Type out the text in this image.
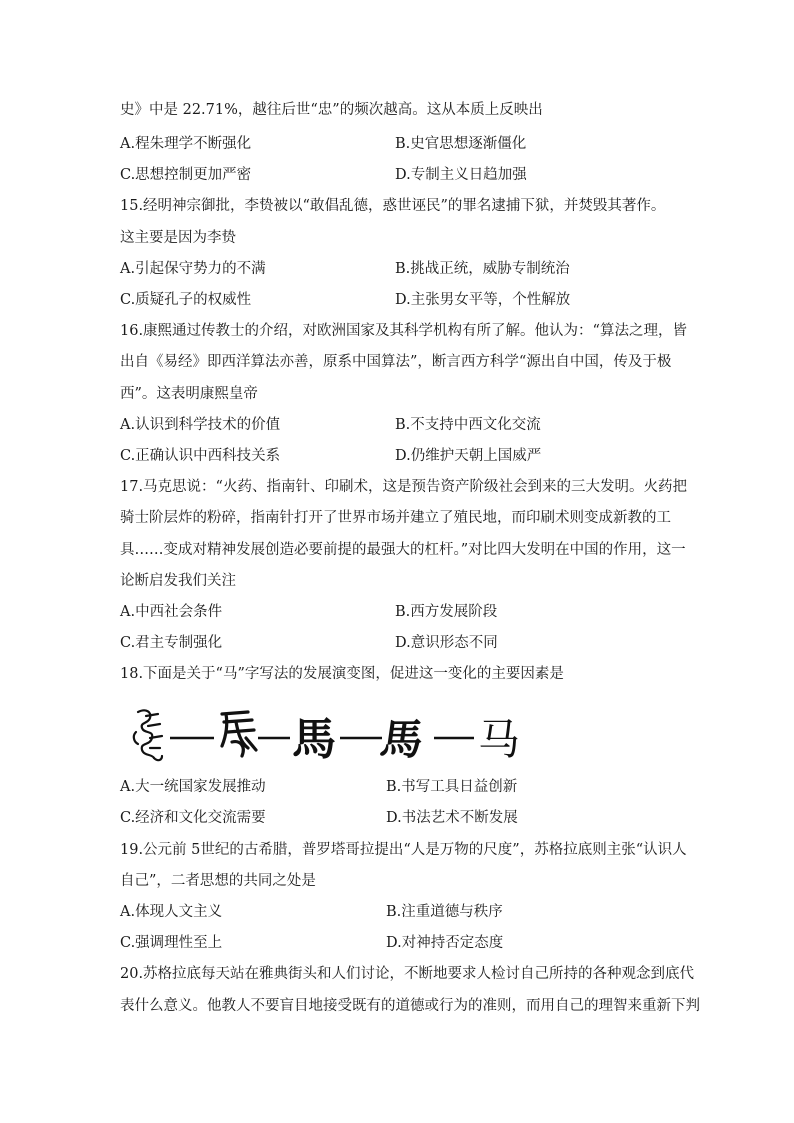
史》中是 22.71%，越往后世“忠”的频次越高。这从本质上反映出
A.程朱理学不断强化	B.史官思想逐渐僵化
C.思想控制更加严密	D.专制主义日趋加强
15.经明神宗御批，李贽被以“敢倡乱德，惑世诬民”的罪名逮捕下狱，并焚毁其著作。
这主要是因为李贽
A.引起保守势力的不满	B.挑战正统，威胁专制统治
C.质疑孔子的权威性	D.主张男女平等，个性解放
16.康熙通过传教士的介绍，对欧洲国家及其科学机构有所了解。他认为：“算法之理，皆
出自《易经》即西洋算法亦善，原系中国算法”，断言西方科学“源出自中国，传及于极
西”。这表明康熙皇帝
A.认识到科学技术的价值	B.不支持中西文化交流
C.正确认识中西科技关系	D.仍维护天朝上国威严
17.马克思说：“火药、指南针、印刷术，这是预告资产阶级社会到来的三大发明。火药把
骑士阶层炸的粉碎，指南针打开了世界市场并建立了殖民地，而印刷术则变成新教的工
具……变成对精神发展创造必要前提的最强大的杠杆。”对比四大发明在中国的作用，这一
论断启发我们关注
A.中西社会条件	B.西方发展阶段
C.君主专制强化	D.意识形态不同
18.下面是关于“马”字写法的发展演变图，促进这一变化的主要因素是
馬 馬 马
A.大一统国家发展推动	B.书写工具日益创新
C.经济和文化交流需要	D.书法艺术不断发展
19.公元前 5世纪的古希腊，普罗塔哥拉提出“人是万物的尺度”，苏格拉底则主张“认识人
自己”，二者思想的共同之处是
A.体现人文主义	B.注重道德与秩序
C.强调理性至上	D.对神持否定态度
20.苏格拉底每天站在雅典街头和人们讨论，不断地要求人检讨自己所持的各种观念到底代
表什么意义。他教人不要盲目地接受既有的道德或行为的准则，而用自己的理智来重新下判
